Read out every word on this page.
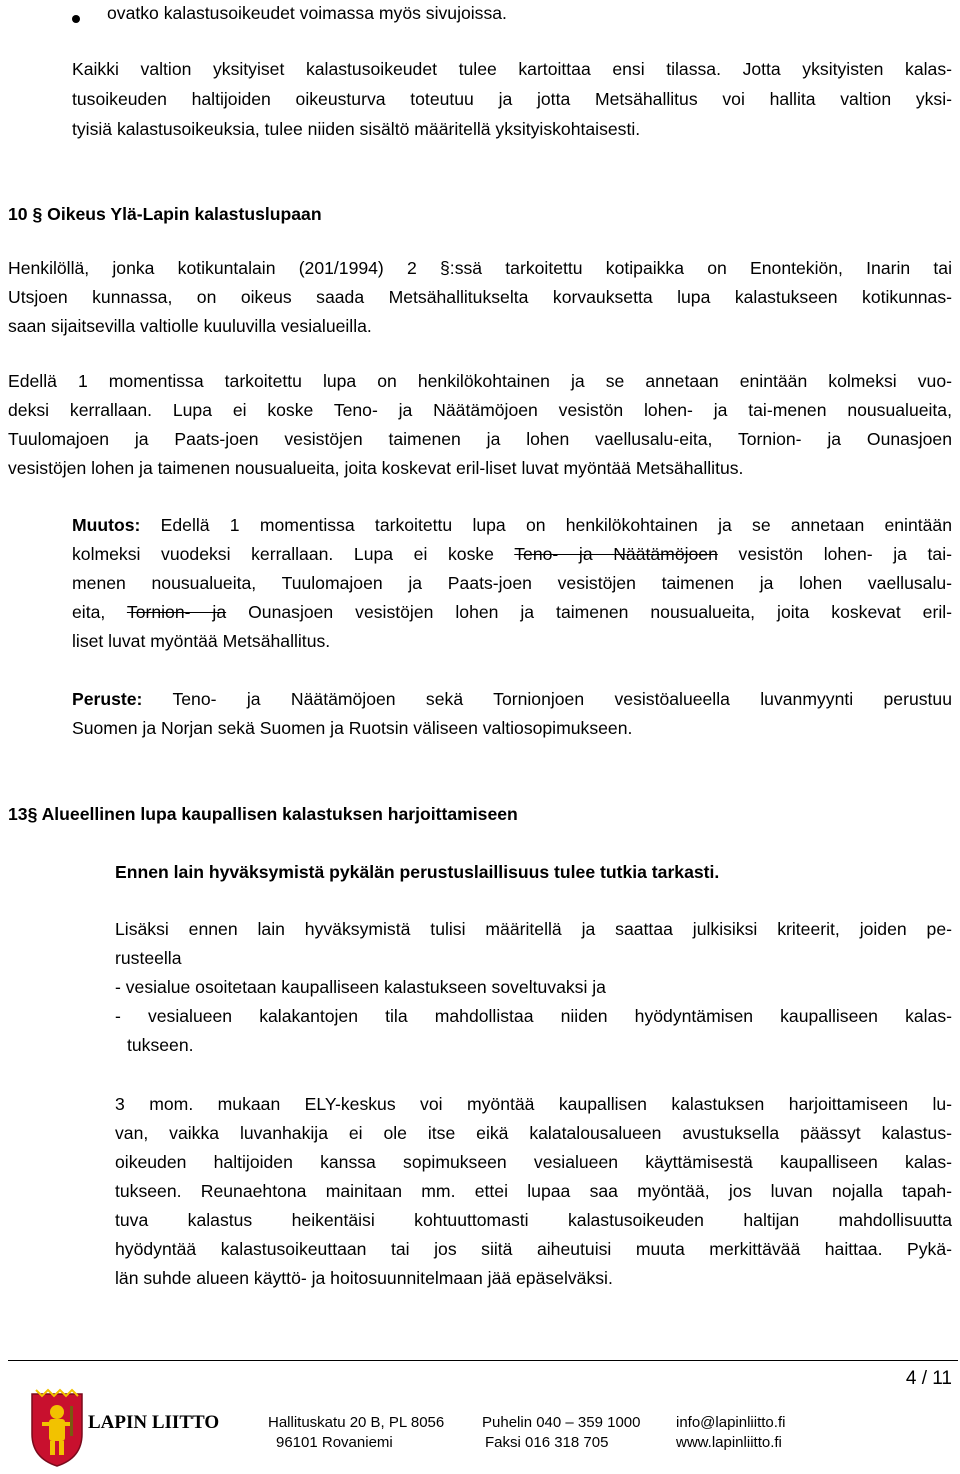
ovatko kalastusoikeudet voimassa myös sivujoissa.
Kaikki valtion yksityiset kalastusoikeudet tulee kartoittaa ensi tilassa. Jotta yksityisten kalas-
tusoikeuden haltijoiden oikeusturva toteutuu ja jotta Metsähallitus voi hallita valtion yksi-
tyisiä kalastusoikeuksia, tulee niiden sisältö määritellä yksityiskohtaisesti.
10 § Oikeus Ylä-Lapin kalastuslupaan
Henkilöllä, jonka kotikuntalain (201/1994) 2 §:ssä tarkoitettu kotipaikka on Enontekiön, Inarin tai
Utsjoen kunnassa, on oikeus saada Metsähallitukselta korvauksetta lupa kalastukseen kotikunnas-
saan sijaitsevilla valtiolle kuuluvilla vesialueilla.
Edellä 1 momentissa tarkoitettu lupa on henkilökohtainen ja se annetaan enintään kolmeksi vuo-
deksi kerrallaan. Lupa ei koske Teno- ja Näätämöjoen vesistön lohen- ja tai-menen nousualueita,
Tuulomajoen ja Paats-joen vesistöjen taimenen ja lohen vaellusalu-eita, Tornion- ja Ounasjoen
vesistöjen lohen ja taimenen nousualueita, joita koskevat eril-liset luvat myöntää Metsähallitus.
Muutos: Edellä 1 momentissa tarkoitettu lupa on henkilökohtainen ja se annetaan enintään
kolmeksi vuodeksi kerrallaan. Lupa ei koske Teno- ja Näätämöjoen vesistön lohen- ja tai-
menen nousualueita, Tuulomajoen ja Paats-joen vesistöjen taimenen ja lohen vaellusalu-
eita, Tornion- ja Ounasjoen vesistöjen lohen ja taimenen nousualueita, joita koskevat eril-
liset luvat myöntää Metsähallitus.
Peruste: Teno- ja Näätämöjoen sekä Tornionjoen vesistöalueella luvanmyynti perustuu
Suomen ja Norjan sekä Suomen ja Ruotsin väliseen valtiosopimukseen.
13§ Alueellinen lupa kaupallisen kalastuksen harjoittamiseen
Ennen lain hyväksymistä pykälän perustuslaillisuus tulee tutkia tarkasti.
Lisäksi ennen lain hyväksymistä tulisi määritellä ja saattaa julkisiksi kriteerit, joiden pe-
rusteella
- vesialue osoitetaan kaupalliseen kalastukseen soveltuvaksi ja
- vesialueen kalakantojen tila mahdollistaa niiden hyödyntämisen kaupalliseen kalas-
tukseen.
3 mom. mukaan ELY-keskus voi myöntää kaupallisen kalastuksen harjoittamiseen lu-
van, vaikka luvanhakija ei ole itse eikä kalatalousalueen avustuksella päässyt kalastus-
oikeuden haltijoiden kanssa sopimukseen vesialueen käyttämisestä kaupalliseen kalas-
tukseen. Reunaehtona mainitaan mm. ettei lupaa saa myöntää, jos luvan nojalla tapah-
tuva kalastus heikentäisi kohtuuttomasti kalastusoikeuden haltijan mahdollisuutta
hyödyntää kalastusoikeuttaan tai jos siitä aiheutuisi muuta merkittävää haittaa. Pykä-
län suhde alueen käyttö- ja hoitosuunnitelmaan jää epäselväksi.
4 / 11
LAPIN LIITTO	Hallituskatu 20 B, PL 8056
96101 Rovaniemi
Puhelin 040 – 359 1000
Faksi 016 318 705
info@lapinliitto.fi
www.lapinliitto.fi
